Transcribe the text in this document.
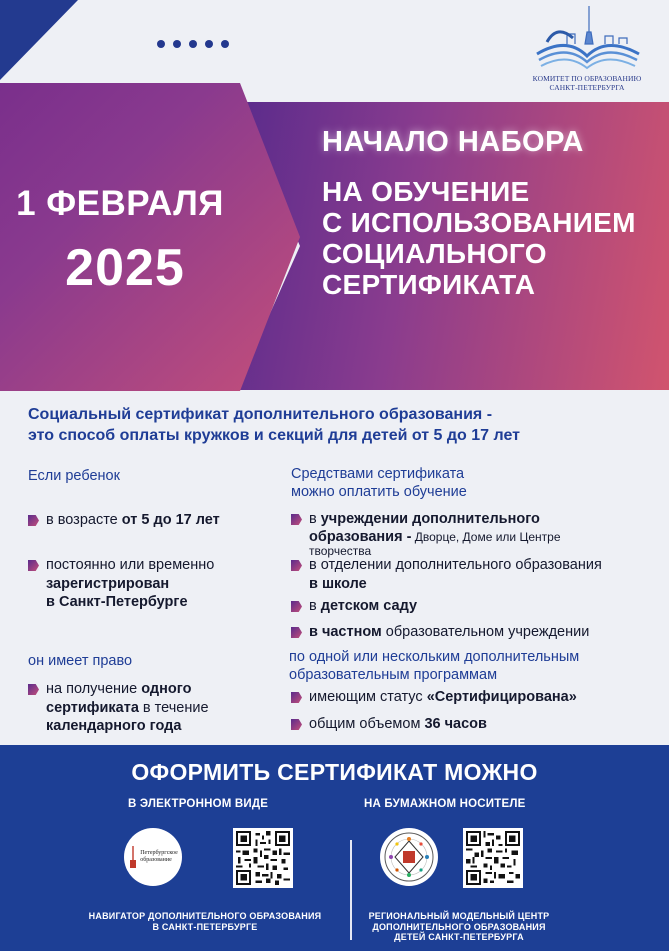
КОМИТЕТ ПО ОБРАЗОВАНИЮ
САНКТ-ПЕТЕРБУРГА
1 ФЕВРАЛЯ
2025
НАЧАЛО НАБОРА
НА ОБУЧЕНИЕ
С ИСПОЛЬЗОВАНИЕМ
СОЦИАЛЬНОГО
СЕРТИФИКАТА
Социальный сертификат дополнительного образования -
это способ оплаты кружков и секций для детей от 5 до 17 лет
Если ребенок
в возрасте от 5 до 17 лет
постоянно или временно
зарегистрирован
в Санкт-Петербурге
он имеет право
на получение одного
сертификата в течение
календарного года
Средствами сертификата
можно оплатить обучение
в учреждении дополнительного
образования - Дворце, Доме или Центре
творчества
в отделении дополнительного образования
в школе
в детском саду
в частном образовательном учреждении
по одной или нескольким дополнительным
образовательным программам
имеющим статус «Сертифицирована»
общим объемом 36 часов
ОФОРМИТЬ СЕРТИФИКАТ МОЖНО
В ЭЛЕКТРОННОМ ВИДЕ	НА БУМАЖНОМ НОСИТЕЛЕ
Петербургское
образование
НАВИГАТОР ДОПОЛНИТЕЛЬНОГО ОБРАЗОВАНИЯ
В САНКТ-ПЕТЕРБУРГЕ
РЕГИОНАЛЬНЫЙ МОДЕЛЬНЫЙ ЦЕНТР
ДОПОЛНИТЕЛЬНОГО ОБРАЗОВАНИЯ
ДЕТЕЙ САНКТ-ПЕТЕРБУРГА
